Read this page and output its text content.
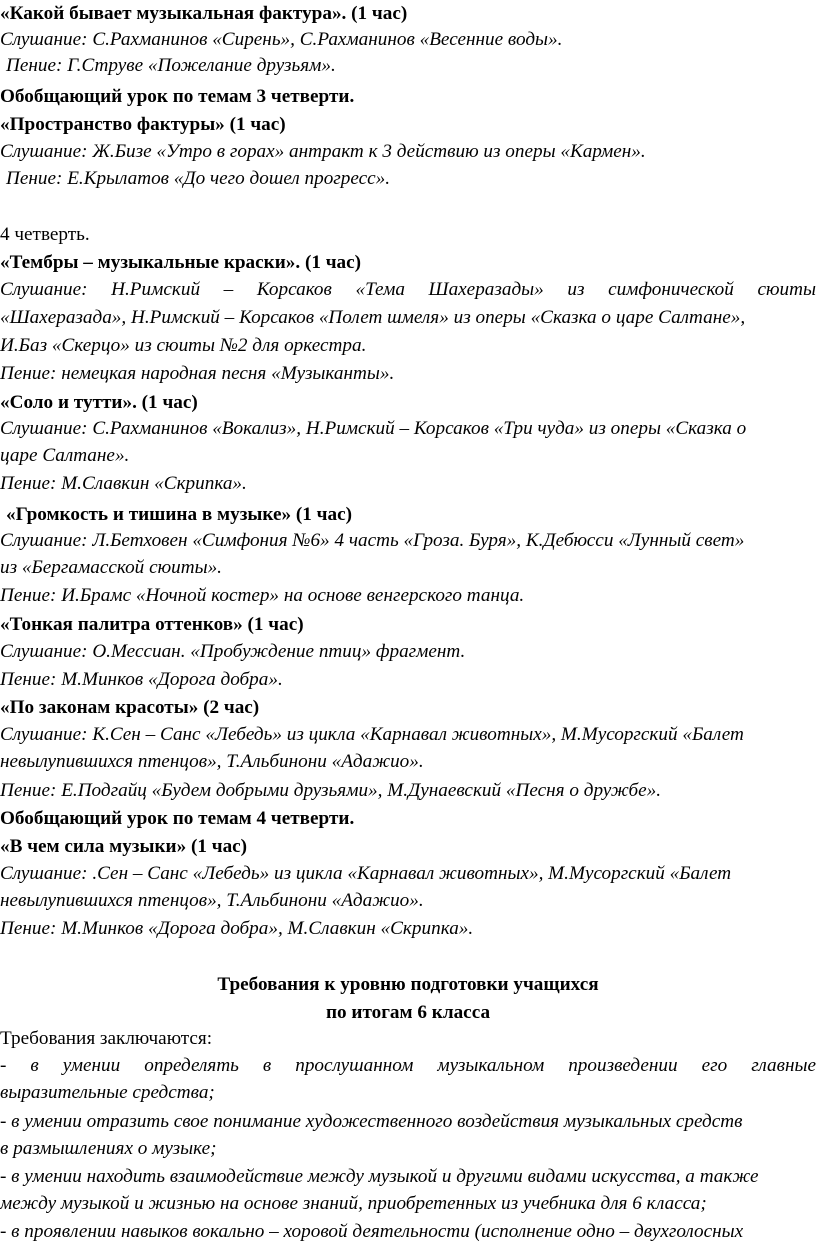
«Какой бывает музыкальная фактура». (1 час)
Слушание: С.Рахманинов «Сирень», С.Рахманинов «Весенние воды».
Пение: Г.Струве «Пожелание друзьям».
Обобщающий урок по темам 3 четверти.
«Пространство фактуры» (1 час)
Слушание: Ж.Бизе «Утро в горах» антракт к 3 действию из оперы «Кармен».
Пение: Е.Крылатов «До чего дошел прогресс».
4 четверть.
«Тембры – музыкальные краски». (1 час)
Слушание: Н.Римский – Корсаков «Тема Шахеразады» из симфонической сюиты
«Шахеразада», Н.Римский – Корсаков «Полет шмеля» из оперы «Сказка о царе Салтане»,
И.Баз «Скерцо» из сюиты №2 для оркестра.
Пение: немецкая народная песня «Музыканты».
«Соло и тутти». (1 час)
Слушание: С.Рахманинов «Вокализ», Н.Римский – Корсаков «Три чуда» из оперы «Сказка о
царе Салтане».
Пение: М.Славкин «Скрипка».
«Громкость и тишина в музыке» (1 час)
Слушание: Л.Бетховен «Симфония №6» 4 часть «Гроза. Буря», К.Дебюсси «Лунный свет»
из «Бергамасской сюиты».
Пение: И.Брамс «Ночной костер» на основе венгерского танца.
«Тонкая палитра оттенков» (1 час)
Слушание: О.Мессиан. «Пробуждение птиц» фрагмент.
Пение: М.Минков «Дорога добра».
«По законам красоты» (2 час)
Слушание: К.Сен – Санс «Лебедь» из цикла «Карнавал животных», М.Мусоргский «Балет
невылупившихся птенцов», Т.Альбинони «Адажио».
Пение: Е.Подгайц «Будем добрыми друзьями», М.Дунаевский «Песня о дружбе».
Обобщающий урок по темам 4 четверти.
«В чем сила музыки» (1 час)
Слушание: .Сен – Санс «Лебедь» из цикла «Карнавал животных», М.Мусоргский «Балет
невылупившихся птенцов», Т.Альбинони «Адажио».
Пение: М.Минков «Дорога добра», М.Славкин «Скрипка».
Требования к уровню подготовки учащихся
по итогам 6 класса
Требования заключаются:
- в умении определять в прослушанном музыкальном произведении его главные
выразительные средства;
- в умении отразить свое понимание художественного воздействия музыкальных средств
в размышлениях о музыке;
- в умении находить взаимодействие между музыкой и другими видами искусства, а также
между музыкой и жизнью на основе знаний, приобретенных из учебника для 6 класса;
- в проявлении навыков вокально – хоровой деятельности (исполнение одно – двухголосных
